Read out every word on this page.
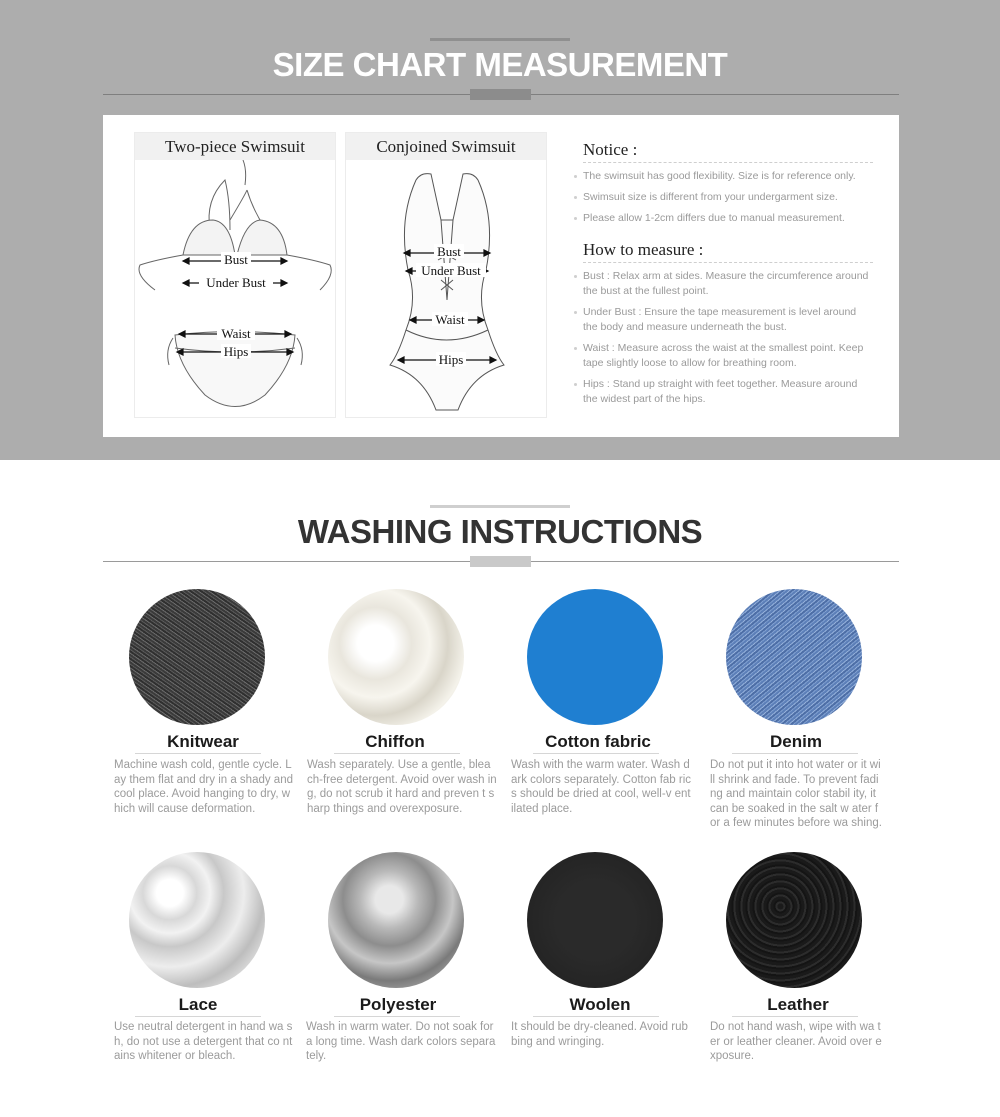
SIZE CHART MEASUREMENT
Two-piece Swimsuit
Bust
Under Bust
Waist
Hips
Conjoined Swimsuit
Bust
Under Bust
Waist
Hips
Notice :
The swimsuit has good flexibility. Size is for reference only.
Swimsuit size is different from your undergarment size.
Please allow 1-2cm differs due to manual measurement.
How to measure :
Bust : Relax arm at sides. Measure the circumference around the bust at the fullest point.
Under Bust : Ensure the tape measurement is level around the body and measure underneath the bust.
Waist : Measure across the waist at the smallest point. Keep tape slightly loose to allow for breathing room.
Hips : Stand up straight with feet together. Measure around the widest part of the hips.
WASHING INSTRUCTIONS
Knitwear
Machine wash cold, gentle cycle. Lay them flat and dry in a shady and cool place. Avoid hanging to dry, which will cause deformation.
Chiffon
Wash separately. Use a gentle, blea ch-free detergent. Avoid over wash ing, do not scrub it hard and preven t sharp things and overexposure.
Cotton fabric
Wash with the warm water. Wash dark colors separately. Cotton fab rics should be dried at cool, well-v entilated place.
Denim
Do not put it into hot water or it will shrink and fade. To prevent fading and maintain color stabil ity, it can be soaked in the salt w ater for a few minutes before wa shing.
Lace
Use neutral detergent in hand wa sh, do not use a detergent that co ntains whitener or bleach.
Polyester
Wash in warm water. Do not soak for a long time. Wash dark colors separa tely.
Woolen
It should be dry-cleaned. Avoid rub bing and wringing.
Leather
Do not hand wash, wipe with wa ter or leather cleaner. Avoid over exposure.
